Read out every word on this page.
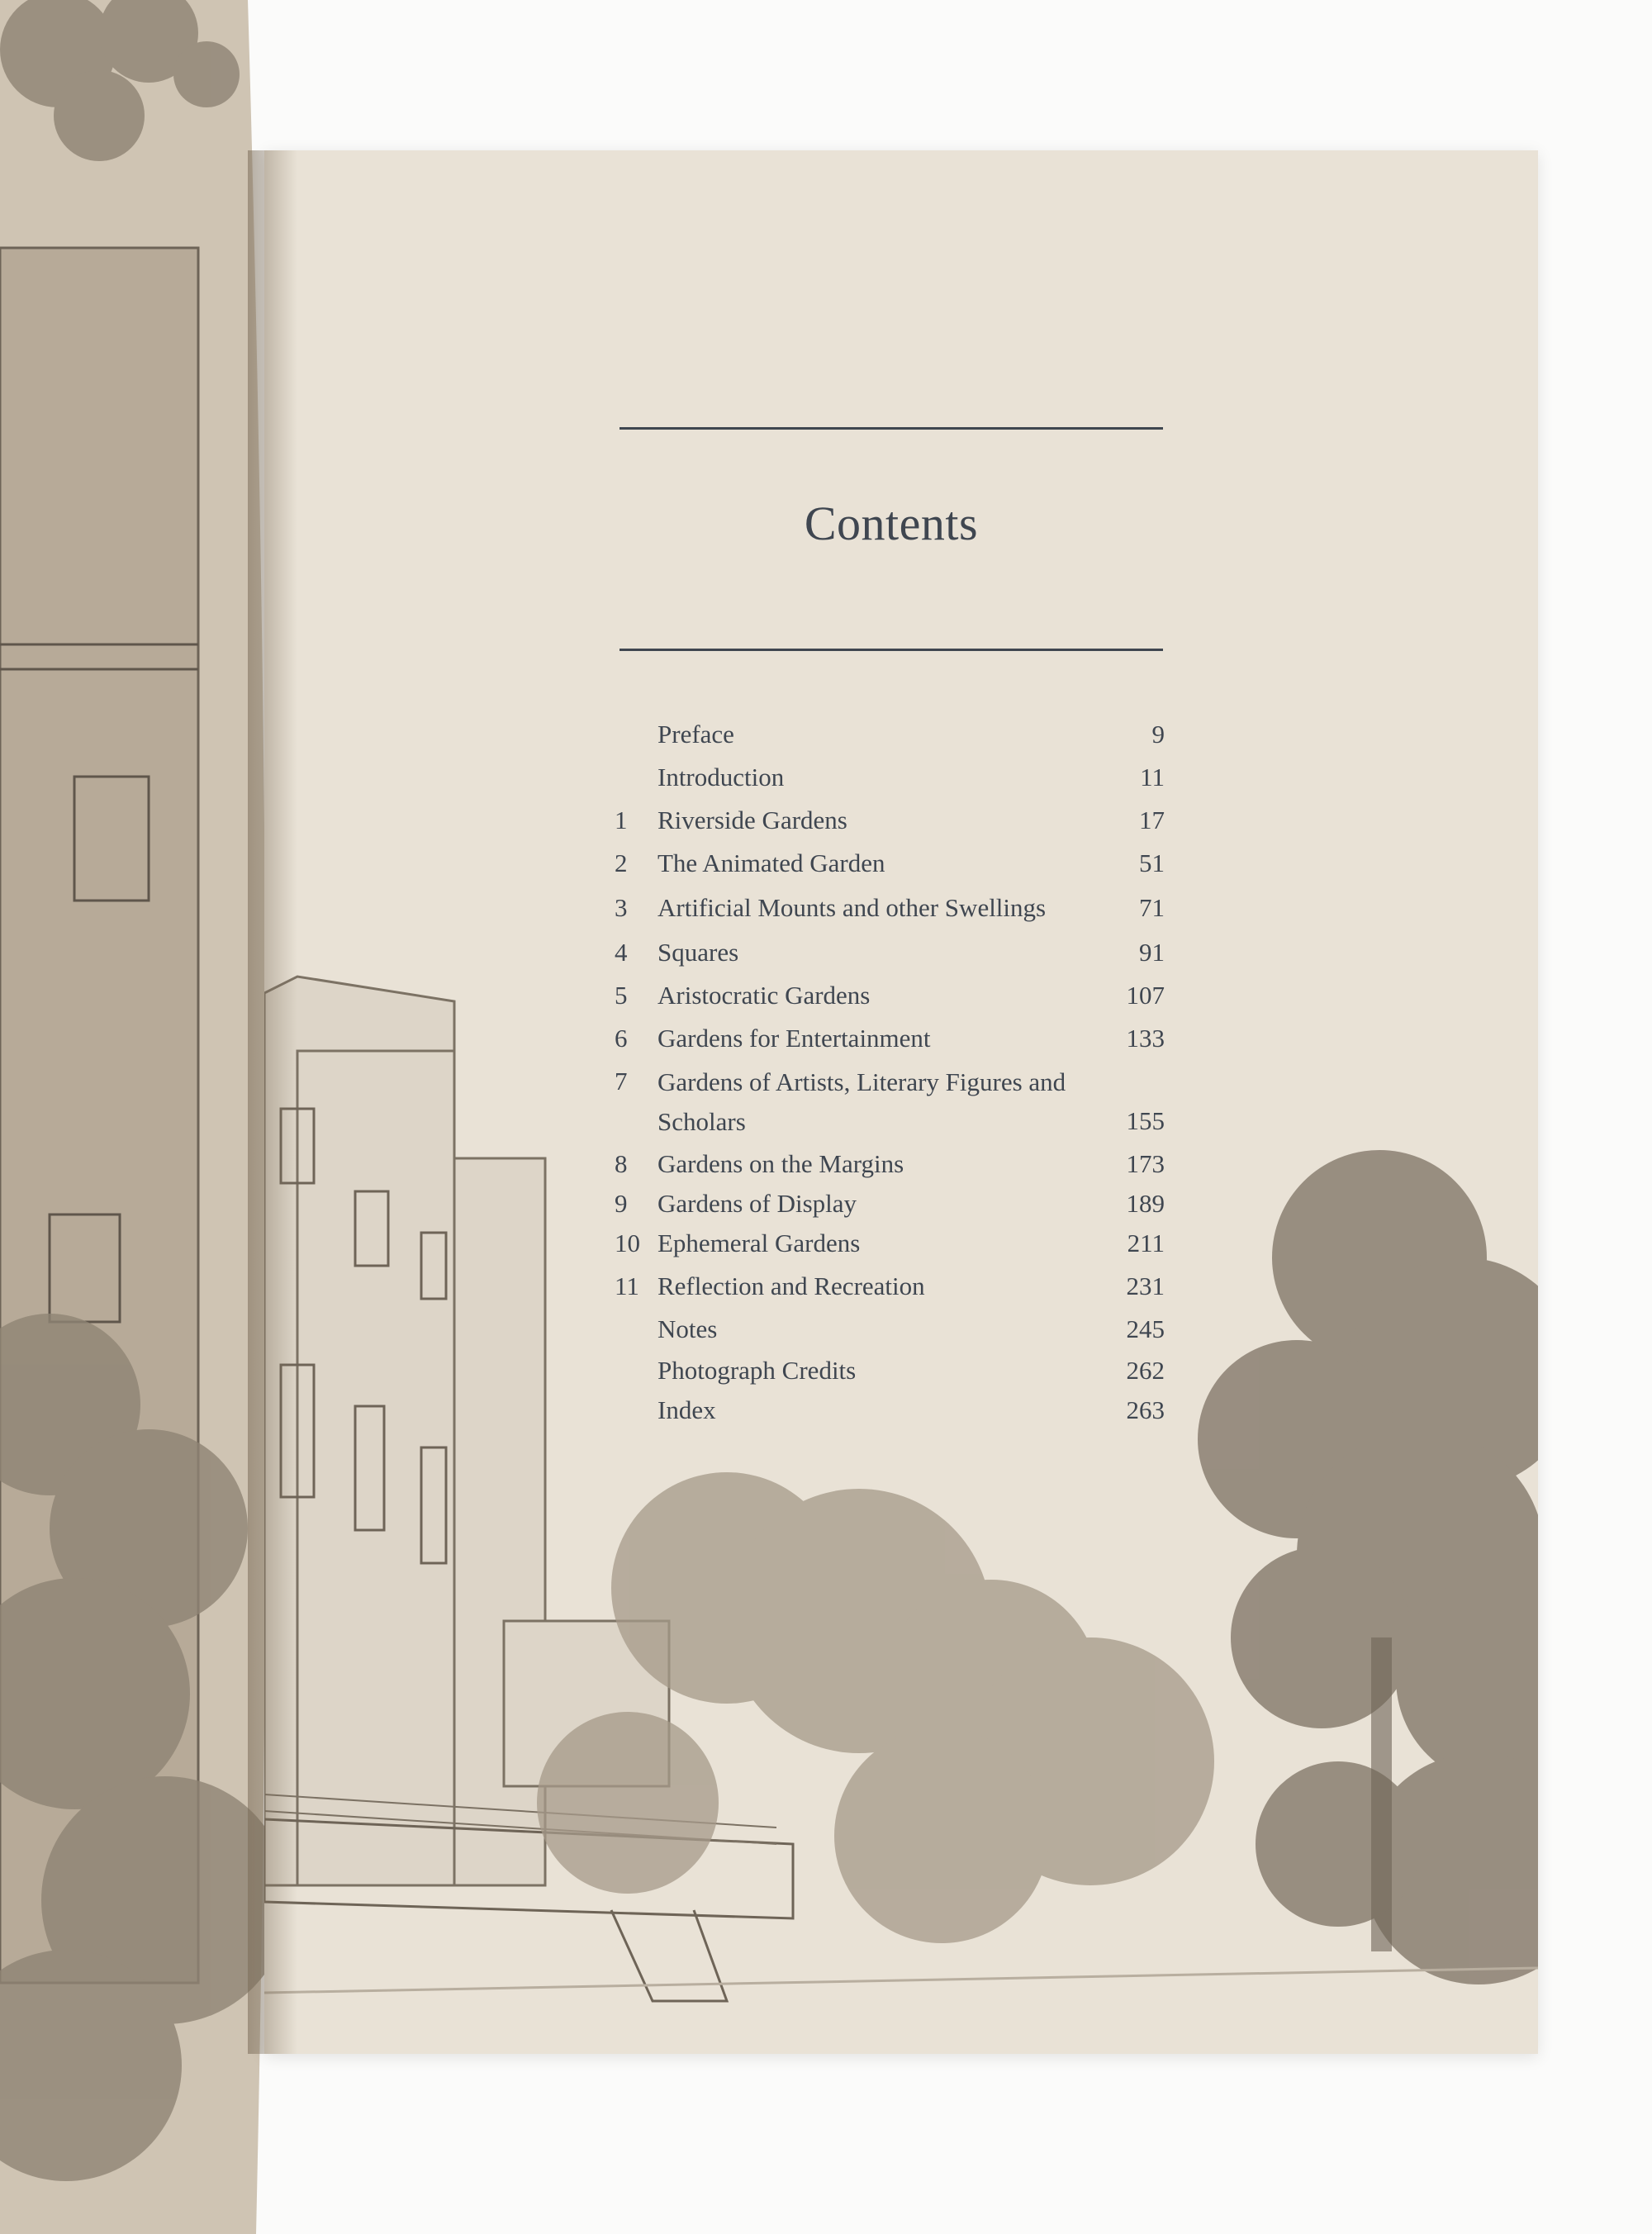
Contents
Preface	9
Introduction	11
1	Riverside Gardens	17
2	The Animated Garden	51
3	Artificial Mounts and other Swellings	71
4	Squares	91
5	Aristocratic Gardens	107
6	Gardens for Entertainment	133
7	Gardens of Artists, Literary Figures and Scholars	155
8	Gardens on the Margins	173
9	Gardens of Display	189
10 Ephemeral Gardens	211
11 Reflection and Recreation	231
Notes	245
Photograph Credits	262
Index	263
